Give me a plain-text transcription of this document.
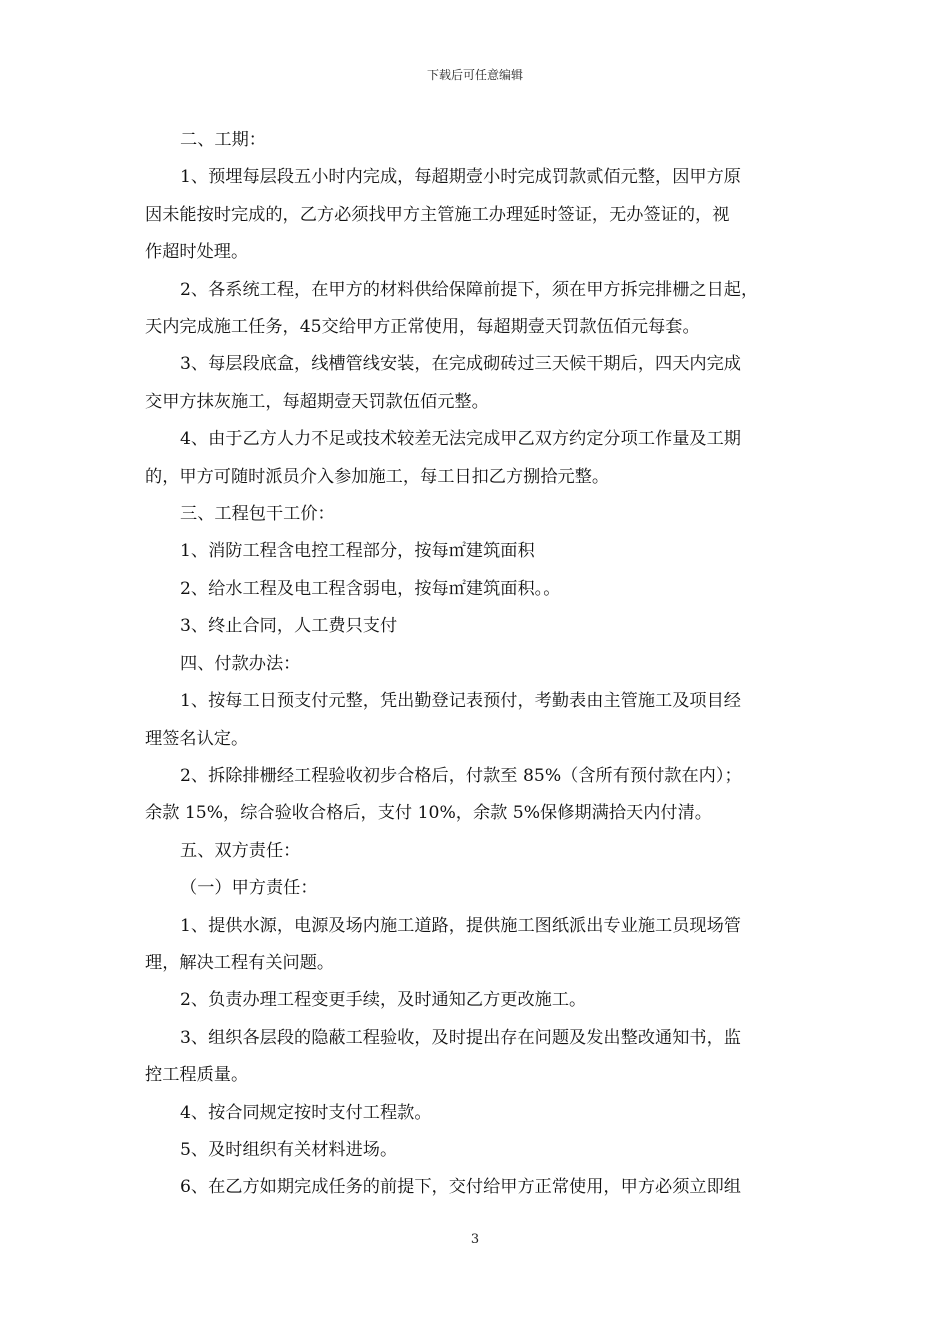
下载后可任意编辑

二、工期：

1、预埋每层段五小时内完成，每超期壹小时完成罚款贰佰元整，因甲方原

因未能按时完成的，乙方必须找甲方主管施工办理延时签证，无办签证的，视

作超时处理。

2、各系统工程，在甲方的材料供给保障前提下，须在甲方拆完排栅之日起，

天内完成施工任务，45交给甲方正常使用，每超期壹天罚款伍佰元每套。

3、每层段底盒，线槽管线安装，在完成砌砖过三天候干期后，四天内完成

交甲方抹灰施工，每超期壹天罚款伍佰元整。

4、由于乙方人力不足或技术较差无法完成甲乙双方约定分项工作量及工期

的，甲方可随时派员介入参加施工，每工日扣乙方捌拾元整。

三、工程包干工价：

1、消防工程含电控工程部分，按每㎡建筑面积

2、给水工程及电工程含弱电，按每㎡建筑面积。。

3、终止合同，人工费只支付

四、付款办法：

1、按每工日预支付元整，凭出勤登记表预付，考勤表由主管施工及项目经

理签名认定。

2、拆除排栅经工程验收初步合格后，付款至 85%（含所有预付款在内）；

余款 15%，综合验收合格后，支付 10%，余款 5%保修期满拾天内付清。

五、双方责任：

（一）甲方责任：

1、提供水源，电源及场内施工道路，提供施工图纸派出专业施工员现场管

理，解决工程有关问题。

2、负责办理工程变更手续，及时通知乙方更改施工。

3、组织各层段的隐蔽工程验收，及时提出存在问题及发出整改通知书，监

控工程质量。

4、按合同规定按时支付工程款。

5、及时组织有关材料进场。

6、在乙方如期完成任务的前提下，交付给甲方正常使用，甲方必须立即组

3
